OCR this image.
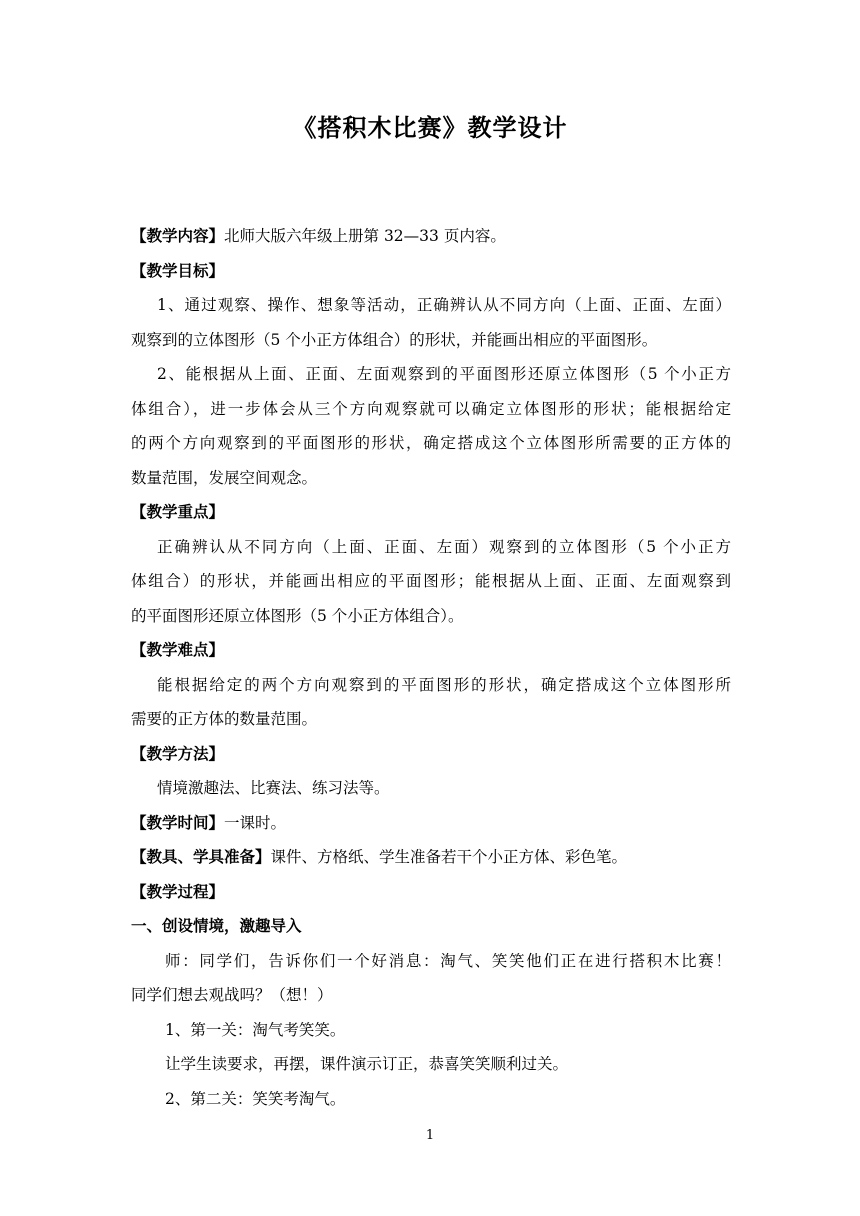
《搭积木比赛》教学设计
【教学内容】北师大版六年级上册第 32—33 页内容。
【教学目标】
1、通过观察、操作、想象等活动，正确辨认从不同方向（上面、正面、左面）
观察到的立体图形（5 个小正方体组合）的形状，并能画出相应的平面图形。
2、能根据从上面、正面、左面观察到的平面图形还原立体图形（5 个小正方
体组合），进一步体会从三个方向观察就可以确定立体图形的形状；能根据给定
的两个方向观察到的平面图形的形状，确定搭成这个立体图形所需要的正方体的
数量范围，发展空间观念。
【教学重点】
正确辨认从不同方向（上面、正面、左面）观察到的立体图形（5 个小正方
体组合）的形状，并能画出相应的平面图形；能根据从上面、正面、左面观察到
的平面图形还原立体图形（5 个小正方体组合）。
【教学难点】
能根据给定的两个方向观察到的平面图形的形状，确定搭成这个立体图形所
需要的正方体的数量范围。
【教学方法】
情境激趣法、比赛法、练习法等。
【教学时间】一课时。
【教具、学具准备】课件、方格纸、学生准备若干个小正方体、彩色笔。
【教学过程】
一、创设情境，激趣导入
师：同学们，告诉你们一个好消息：淘气、笑笑他们正在进行搭积木比赛！
同学们想去观战吗？（想！）
1、第一关：淘气考笑笑。
让学生读要求，再摆，课件演示订正，恭喜笑笑顺利过关。
2、第二关：笑笑考淘气。
1
